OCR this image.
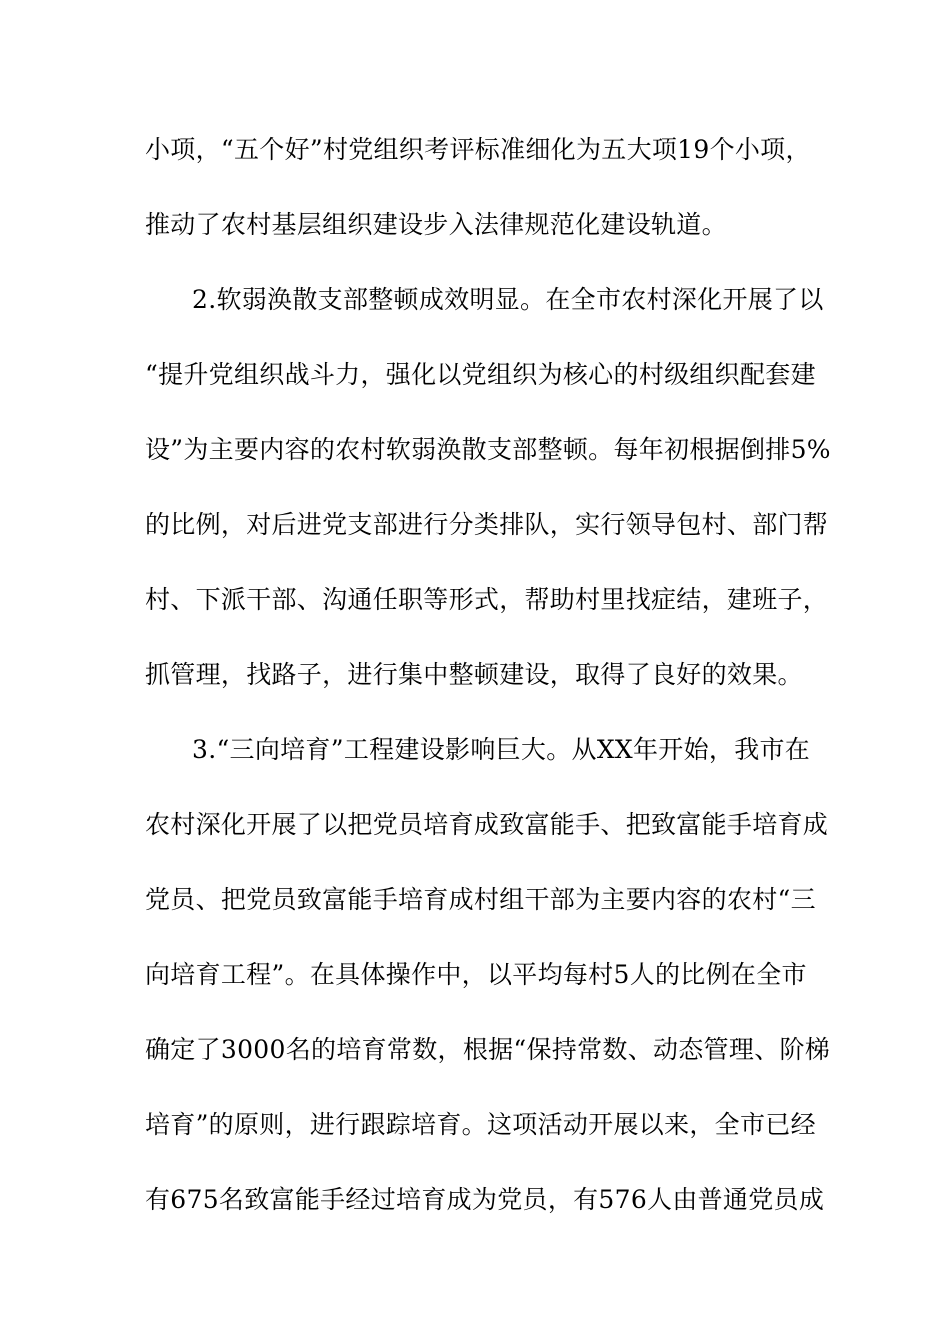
小项，“五个好”村党组织考评标准细化为五大项19个小项，
推动了农村基层组织建设步入法律规范化建设轨道。
2.软弱涣散支部整顿成效明显。在全市农村深化开展了以
“提升党组织战斗力，强化以党组织为核心的村级组织配套建
设”为主要内容的农村软弱涣散支部整顿。每年初根据倒排5%
的比例，对后进党支部进行分类排队，实行领导包村、部门帮
村、下派干部、沟通任职等形式，帮助村里找症结，建班子，
抓管理，找路子，进行集中整顿建设，取得了良好的效果。
3.“三向培育”工程建设影响巨大。从XX年开始，我市在
农村深化开展了以把党员培育成致富能手、把致富能手培育成
党员、把党员致富能手培育成村组干部为主要内容的农村“三
向培育工程”。在具体操作中，以平均每村5人的比例在全市
确定了3000名的培育常数，根据“保持常数、动态管理、阶梯
培育”的原则，进行跟踪培育。这项活动开展以来，全市已经
有675名致富能手经过培育成为党员，有576人由普通党员成
